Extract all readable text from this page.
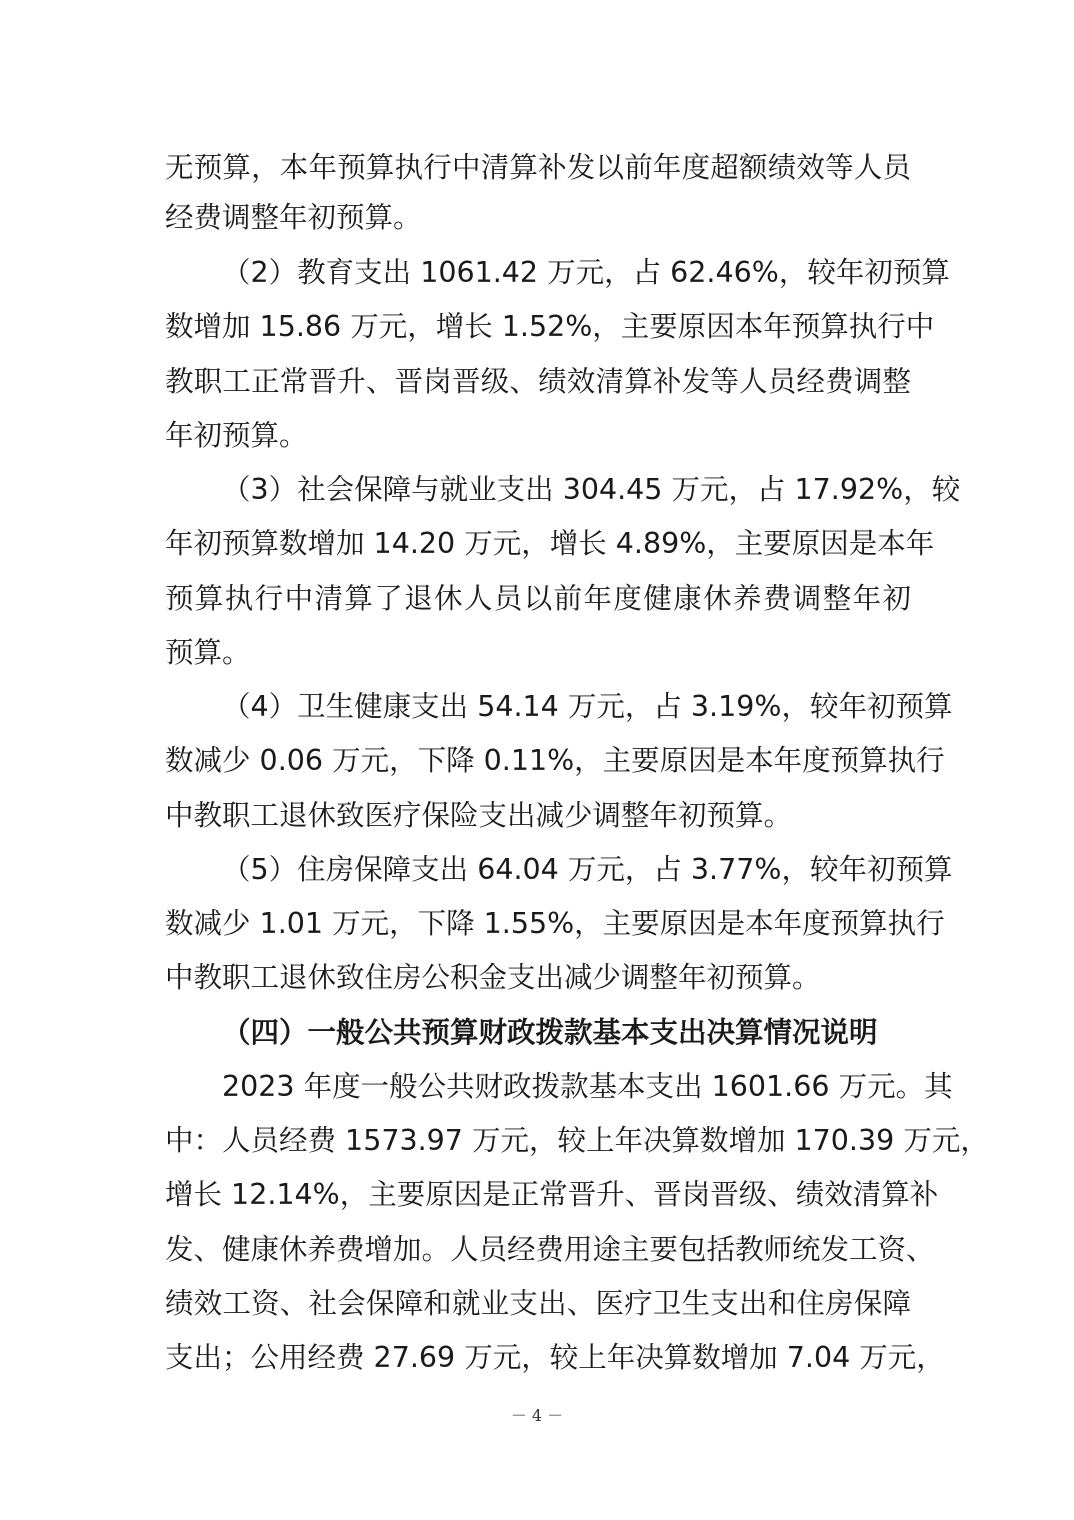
无预算，本年预算执行中清算补发以前年度超额绩效等人员
经费调整年初预算。
（2）教育支出 1061.42 万元，占 62.46%，较年初预算
数增加 15.86 万元，增长 1.52%，主要原因本年预算执行中
教职工正常晋升、晋岗晋级、绩效清算补发等人员经费调整
年初预算。
（3）社会保障与就业支出 304.45 万元，占 17.92%，较
年初预算数增加 14.20 万元，增长 4.89%，主要原因是本年
预算执行中清算了退休人员以前年度健康休养费调整年初
预算。
（4）卫生健康支出 54.14 万元，占 3.19%，较年初预算
数减少 0.06 万元，下降 0.11%，主要原因是本年度预算执行
中教职工退休致医疗保险支出减少调整年初预算。
（5）住房保障支出 64.04 万元，占 3.77%，较年初预算
数减少 1.01 万元，下降 1.55%，主要原因是本年度预算执行
中教职工退休致住房公积金支出减少调整年初预算。
（四）一般公共预算财政拨款基本支出决算情况说明
2023 年度一般公共财政拨款基本支出 1601.66 万元。其
中：人员经费 1573.97 万元，较上年决算数增加 170.39 万元，
增长 12.14%，主要原因是正常晋升、晋岗晋级、绩效清算补
发、健康休养费增加。人员经费用途主要包括教师统发工资、
绩效工资、社会保障和就业支出、医疗卫生支出和住房保障
支出；公用经费 27.69 万元，较上年决算数增加 7.04 万元，
－ 4 －
